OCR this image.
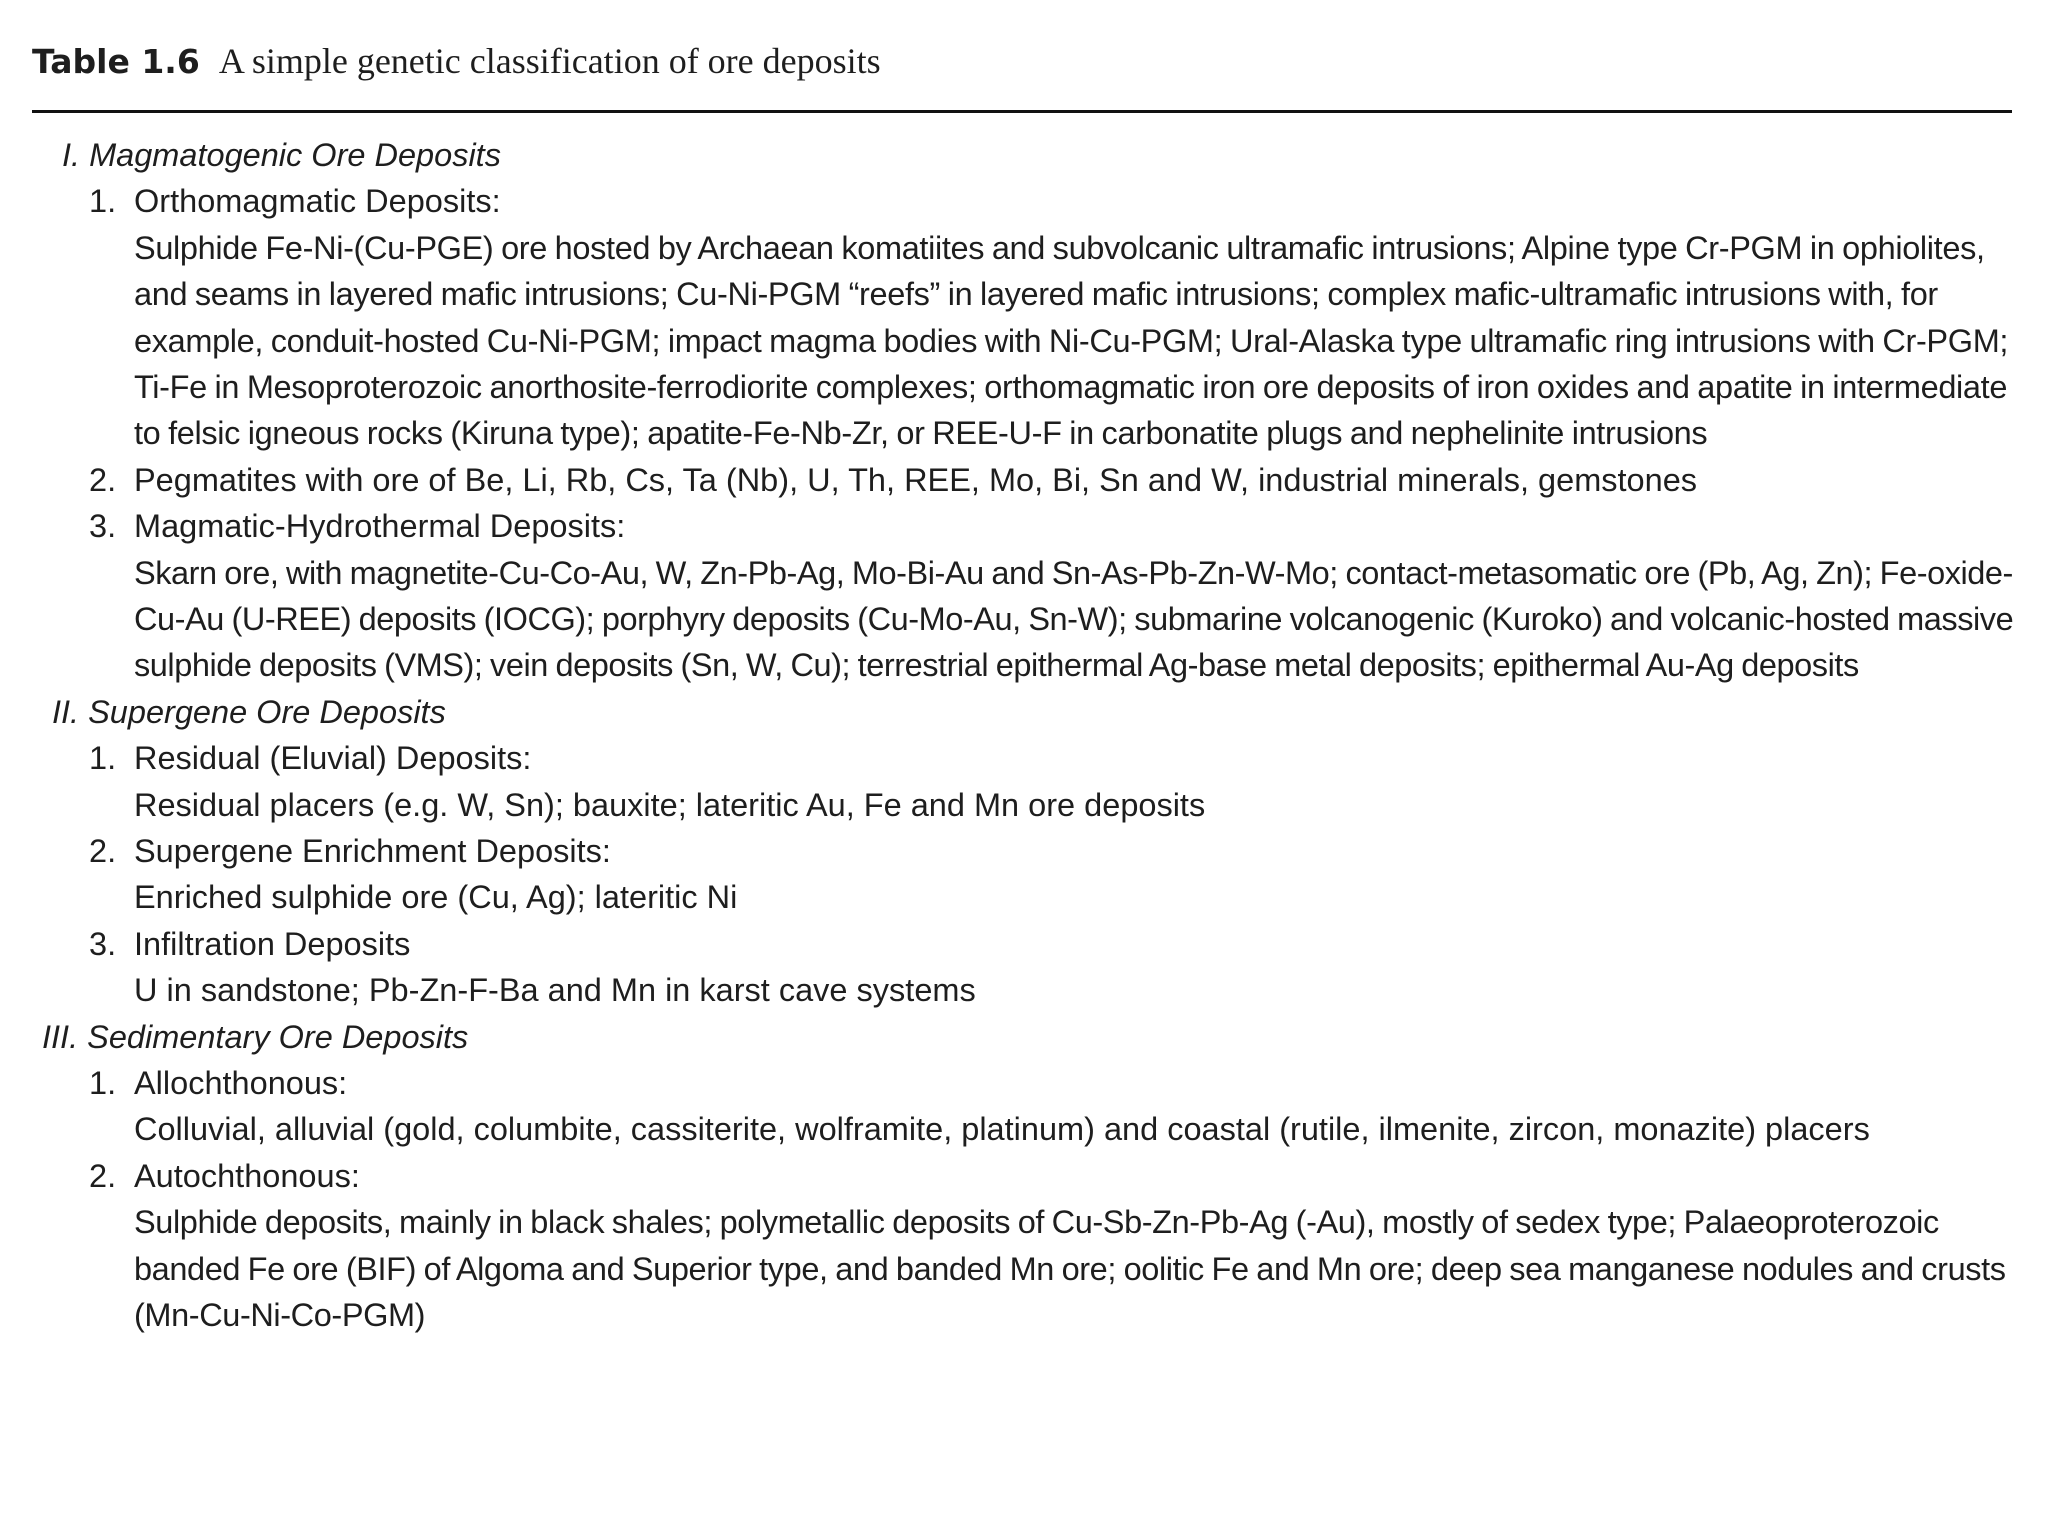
Table 1.6 A simple genetic classification of ore deposits
I. Magmatogenic Ore Deposits
1. Orthomagmatic Deposits:
Sulphide Fe-Ni-(Cu-PGE) ore hosted by Archaean komatiites and subvolcanic ultramafic intrusions; Alpine type Cr-PGM in ophiolites, and seams in layered mafic intrusions; Cu-Ni-PGM “reefs” in layered mafic intrusions; complex mafic-ultramafic intrusions with, for example, conduit-hosted Cu-Ni-PGM; impact magma bodies with Ni-Cu-PGM; Ural-Alaska type ultramafic ring intrusions with Cr-PGM; Ti-Fe in Mesoproterozoic anorthosite-ferrodiorite complexes; orthomagmatic iron ore deposits of iron oxides and apatite in intermediate to felsic igneous rocks (Kiruna type); apatite-Fe-Nb-Zr, or REE-U-F in carbonatite plugs and nephelinite intrusions
2. Pegmatites with ore of Be, Li, Rb, Cs, Ta (Nb), U, Th, REE, Mo, Bi, Sn and W, industrial minerals, gemstones
3. Magmatic-Hydrothermal Deposits:
Skarn ore, with magnetite-Cu-Co-Au, W, Zn-Pb-Ag, Mo-Bi-Au and Sn-As-Pb-Zn-W-Mo; contact-metasomatic ore (Pb, Ag, Zn); Fe-oxide-Cu-Au (U-REE) deposits (IOCG); porphyry deposits (Cu-Mo-Au, Sn-W); submarine volcanogenic (Kuroko) and volcanic-hosted massive sulphide deposits (VMS); vein deposits (Sn, W, Cu); terrestrial epithermal Ag-base metal deposits; epithermal Au-Ag deposits
II. Supergene Ore Deposits
1. Residual (Eluvial) Deposits:
Residual placers (e.g. W, Sn); bauxite; lateritic Au, Fe and Mn ore deposits
2. Supergene Enrichment Deposits:
Enriched sulphide ore (Cu, Ag); lateritic Ni
3. Infiltration Deposits
U in sandstone; Pb-Zn-F-Ba and Mn in karst cave systems
III. Sedimentary Ore Deposits
1. Allochthonous:
Colluvial, alluvial (gold, columbite, cassiterite, wolframite, platinum) and coastal (rutile, ilmenite, zircon, monazite) placers
2. Autochthonous:
Sulphide deposits, mainly in black shales; polymetallic deposits of Cu-Sb-Zn-Pb-Ag (-Au), mostly of sedex type; Palaeoproterozoic banded Fe ore (BIF) of Algoma and Superior type, and banded Mn ore; oolitic Fe and Mn ore; deep sea manganese nodules and crusts (Mn-Cu-Ni-Co-PGM)
